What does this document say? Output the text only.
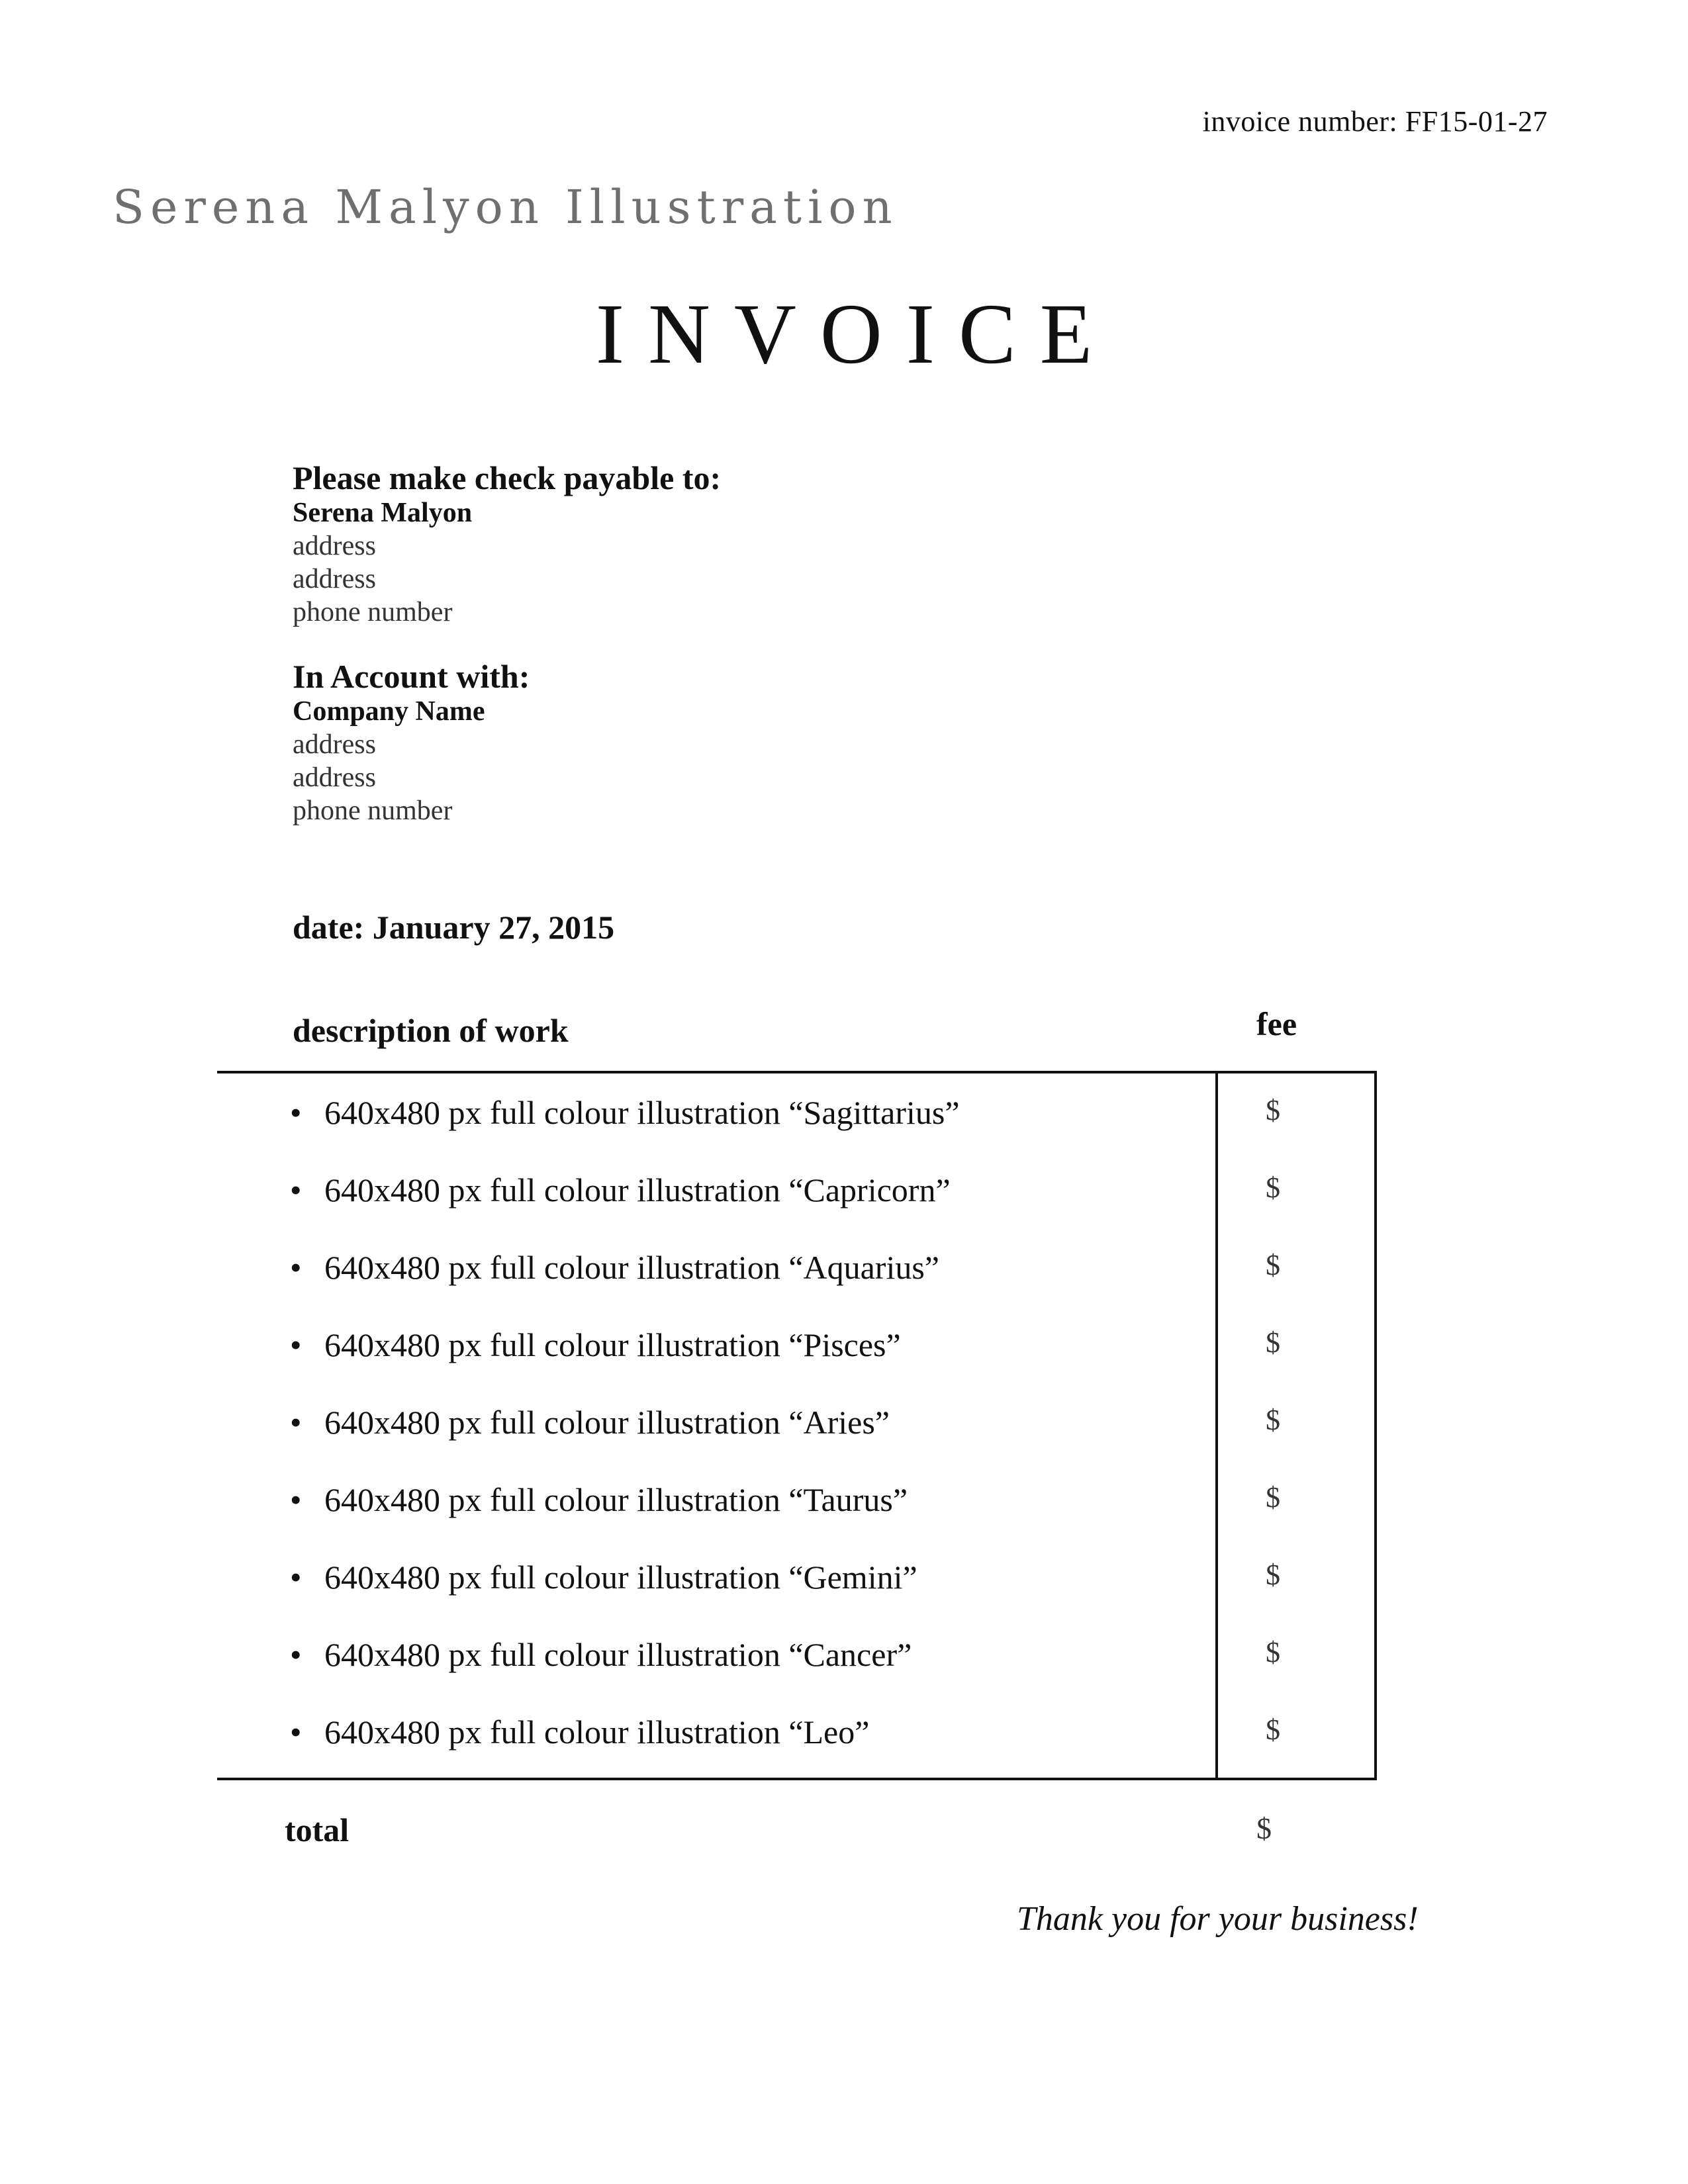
invoice number: FF15-01-27
Serena Malyon Illustration
INVOICE
Please make check payable to:
Serena Malyon
address
address
phone number
In Account with:
Company Name
address
address
phone number
date: January 27, 2015
description of work	fee
• 640x480 px full colour illustration “Sagittarius”	$
• 640x480 px full colour illustration “Capricorn”	$
• 640x480 px full colour illustration “Aquarius”	$
• 640x480 px full colour illustration “Pisces”	$
• 640x480 px full colour illustration “Aries”	$
• 640x480 px full colour illustration “Taurus”	$
• 640x480 px full colour illustration “Gemini”	$
• 640x480 px full colour illustration “Cancer”	$
• 640x480 px full colour illustration “Leo”	$
total	$
Thank you for your business!
